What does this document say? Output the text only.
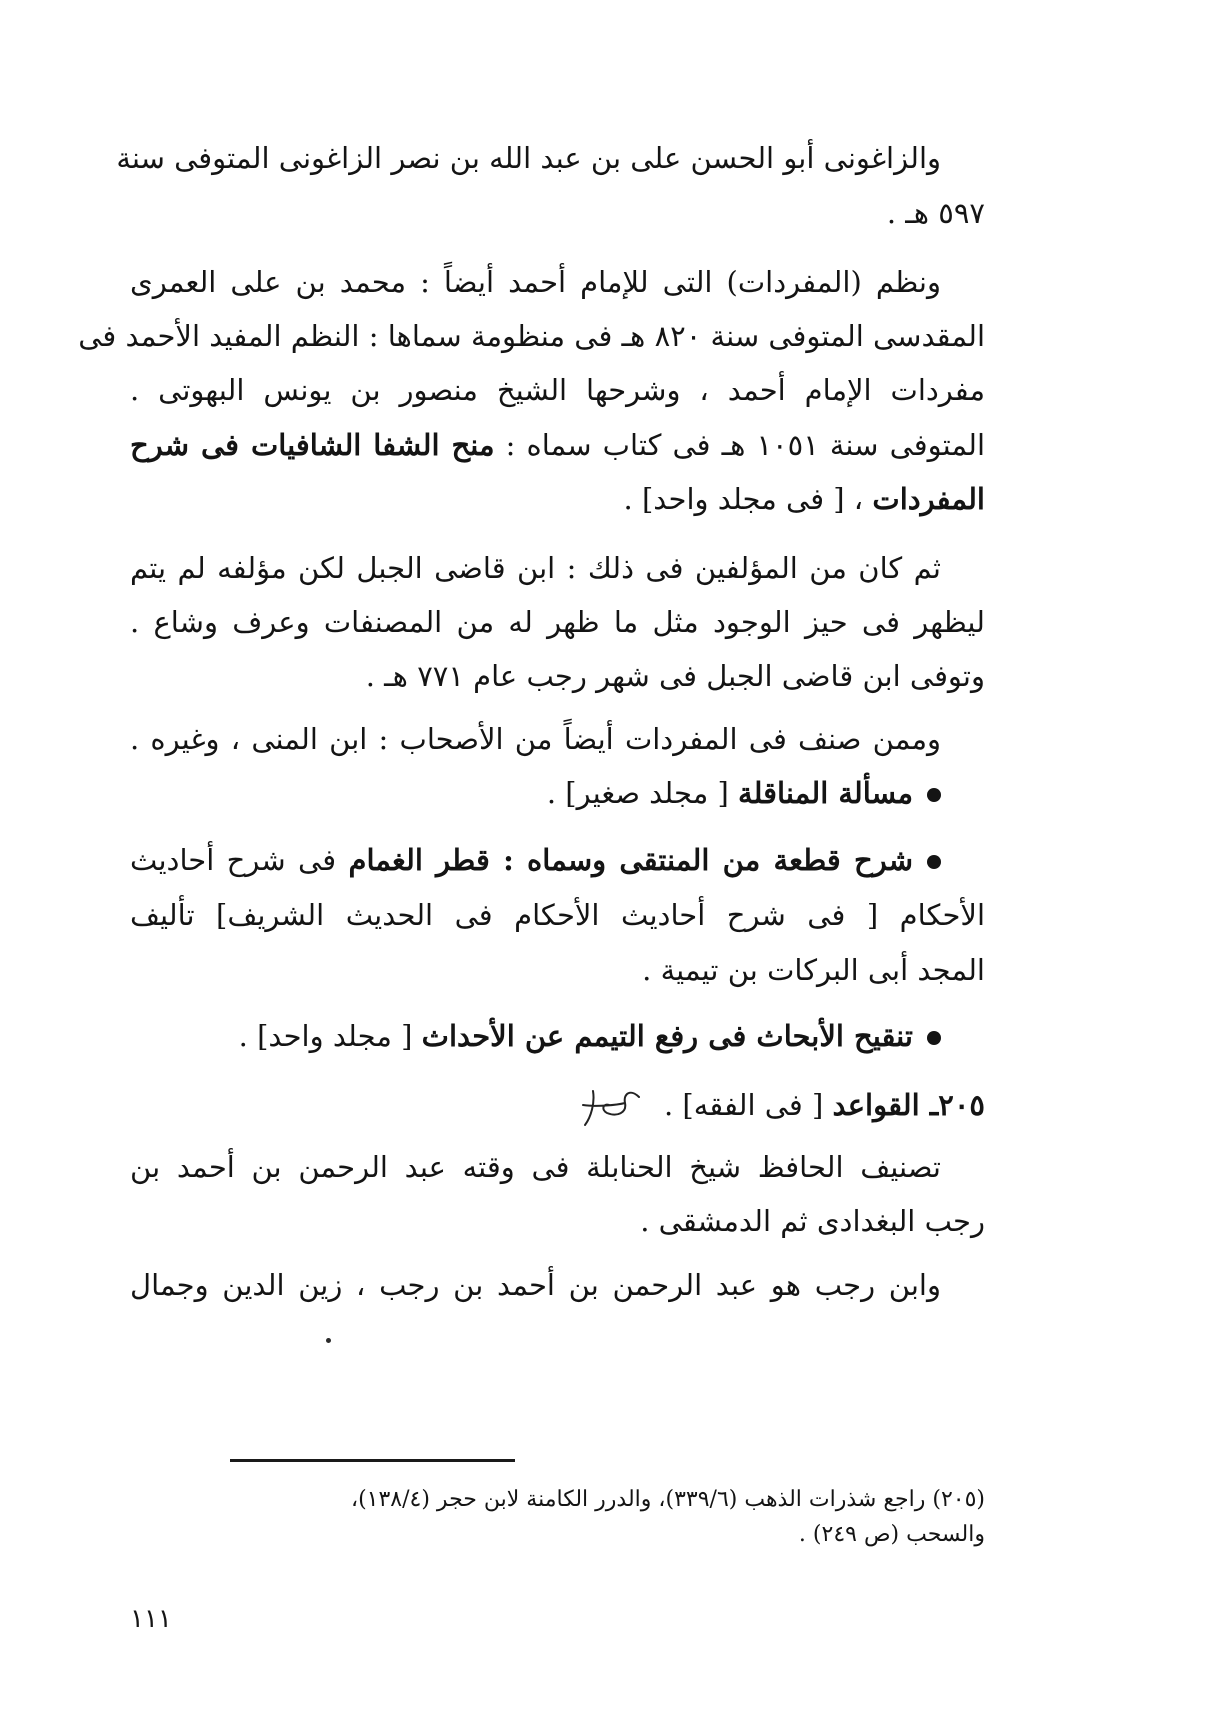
والزاغونى أبو الحسن على بن عبد الله بن نصر الزاغونى المتوفى سنة
٥٩٧ هـ .
ونظم (المفردات) التى للإمام أحمد أيضاً : محمد بن على العمرى
المقدسى المتوفى سنة ٨٢٠ هـ فى منظومة سماها : النظم المفيد الأحمد فى
مفردات الإمام أحمد ، وشرحها الشيخ منصور بن يونس البهوتى .
المتوفى سنة ١٠٥١ هـ فى كتاب سماه : منح الشفا الشافيات فى شرح
المفردات ، [ فى مجلد واحد] .
ثم كان من المؤلفين فى ذلك : ابن قاضى الجبل لكن مؤلفه لم يتم
ليظهر فى حيز الوجود مثل ما ظهر له من المصنفات وعرف وشاع .
وتوفى ابن قاضى الجبل فى شهر رجب عام ٧٧١ هـ .
وممن صنف فى المفردات أيضاً من الأصحاب : ابن المنى ، وغيره .
مسألة المناقلة [ مجلد صغير] .
شرح قطعة من المنتقى وسماه : قطر الغمام فى شرح أحاديث
الأحكام [ فى شرح أحاديث الأحكام فى الحديث الشريف] تأليف
المجد أبى البركات بن تيمية .
تنقيح الأبحاث فى رفع التيمم عن الأحداث [ مجلد واحد] .
٢٠٥ـ القواعد [ فى الفقه] .
تصنيف الحافظ شيخ الحنابلة فى وقته عبد الرحمن بن أحمد بن
رجب البغدادى ثم الدمشقى .
وابن رجب هو عبد الرحمن بن أحمد بن رجب ، زين الدين وجمال
(٢٠٥) راجع شذرات الذهب (٣٣٩/٦)، والدرر الكامنة لابن حجر (١٣٨/٤)،
والسحب (ص ٢٤٩) .
١١١
